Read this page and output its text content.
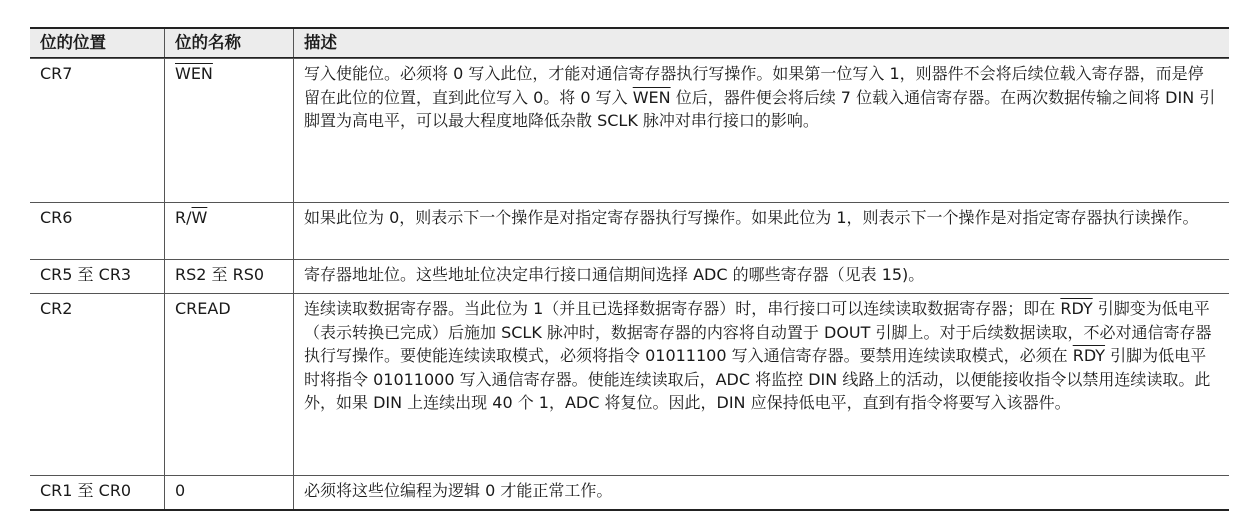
位的位置	位的名称	描述
CR7	$\overline{WEN}$	写入使能位。必须将 0 写入此位，才能对通信寄存器执行写操作。如果第一位写入 1，则器件不会将后续位载入寄存器，而是停留在此位的位置，直到此位写入 0。将 0 写入 $\overline{WEN}$ 位后，器件便会将后续 7 位载入通信寄存器。在两次数据传输之间将 DIN 引脚置为高电平，可以最大程度地降低杂散 SCLK 脉冲对串行接口的影响。
CR6	$R/\overline{W}$	如果此位为 0，则表示下一个操作是对指定寄存器执行写操作。如果此位为 1，则表示下一个操作是对指定寄存器执行读操作。
CR5 至 CR3	RS2 至 RS0	寄存器地址位。这些地址位决定串行接口通信期间选择 ADC 的哪些寄存器（见表 15)。
CR2	CREAD	连续读取数据寄存器。当此位为 1（并且已选择数据寄存器）时，串行接口可以连续读取数据寄存器；即在 $\overline{RDY}$ 引脚变为低电平（表示转换已完成）后施加 SCLK 脉冲时，数据寄存器的内容将自动置于 DOUT 引脚上。对于后续数据读取，不必对通信寄存器执行写操作。要使能连续读取模式，必须将指令 01011100 写入通信寄存器。要禁用连续读取模式，必须在 $\overline{RDY}$ 引脚为低电平时将指令 01011000 写入通信寄存器。使能连续读取后，ADC 将监控 DIN 线路上的活动，以便能接收指令以禁用连续读取。此外，如果 DIN 上连续出现 40 个 1，ADC 将复位。因此，DIN 应保持低电平，直到有指令将要写入该器件。
CR1 至 CR0	0	必须将这些位编程为逻辑 0 才能正常工作。
